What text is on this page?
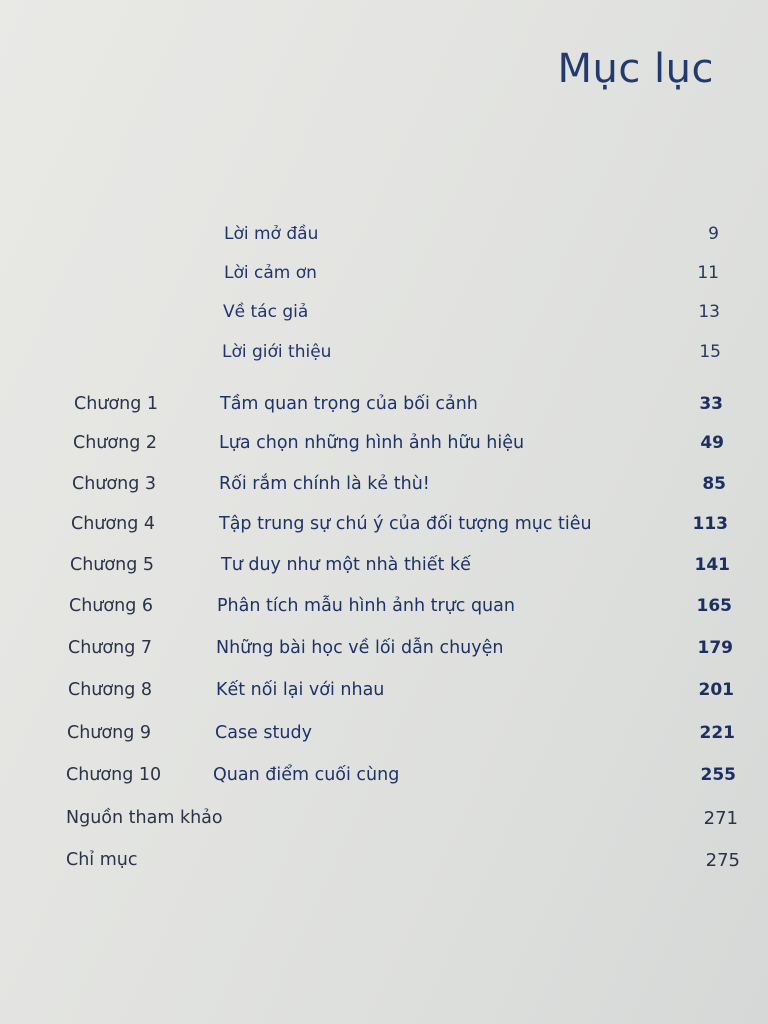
Mục lục
Lời mở đầu	9
Lời cảm ơn	11
Về tác giả	13
Lời giới thiệu	15
Chương 1	Tầm quan trọng của bối cảnh	33
Chương 2	Lựa chọn những hình ảnh hữu hiệu	49
Chương 3	Rối rắm chính là kẻ thù!	85
Chương 4	Tập trung sự chú ý của đối tượng mục tiêu	113
Chương 5	Tư duy như một nhà thiết kế	141
Chương 6	Phân tích mẫu hình ảnh trực quan	165
Chương 7	Những bài học về lối dẫn chuyện	179
Chương 8	Kết nối lại với nhau	201
Chương 9	Case study	221
Chương 10	Quan điểm cuối cùng	255
Nguồn tham khảo	271
Chỉ mục	275
